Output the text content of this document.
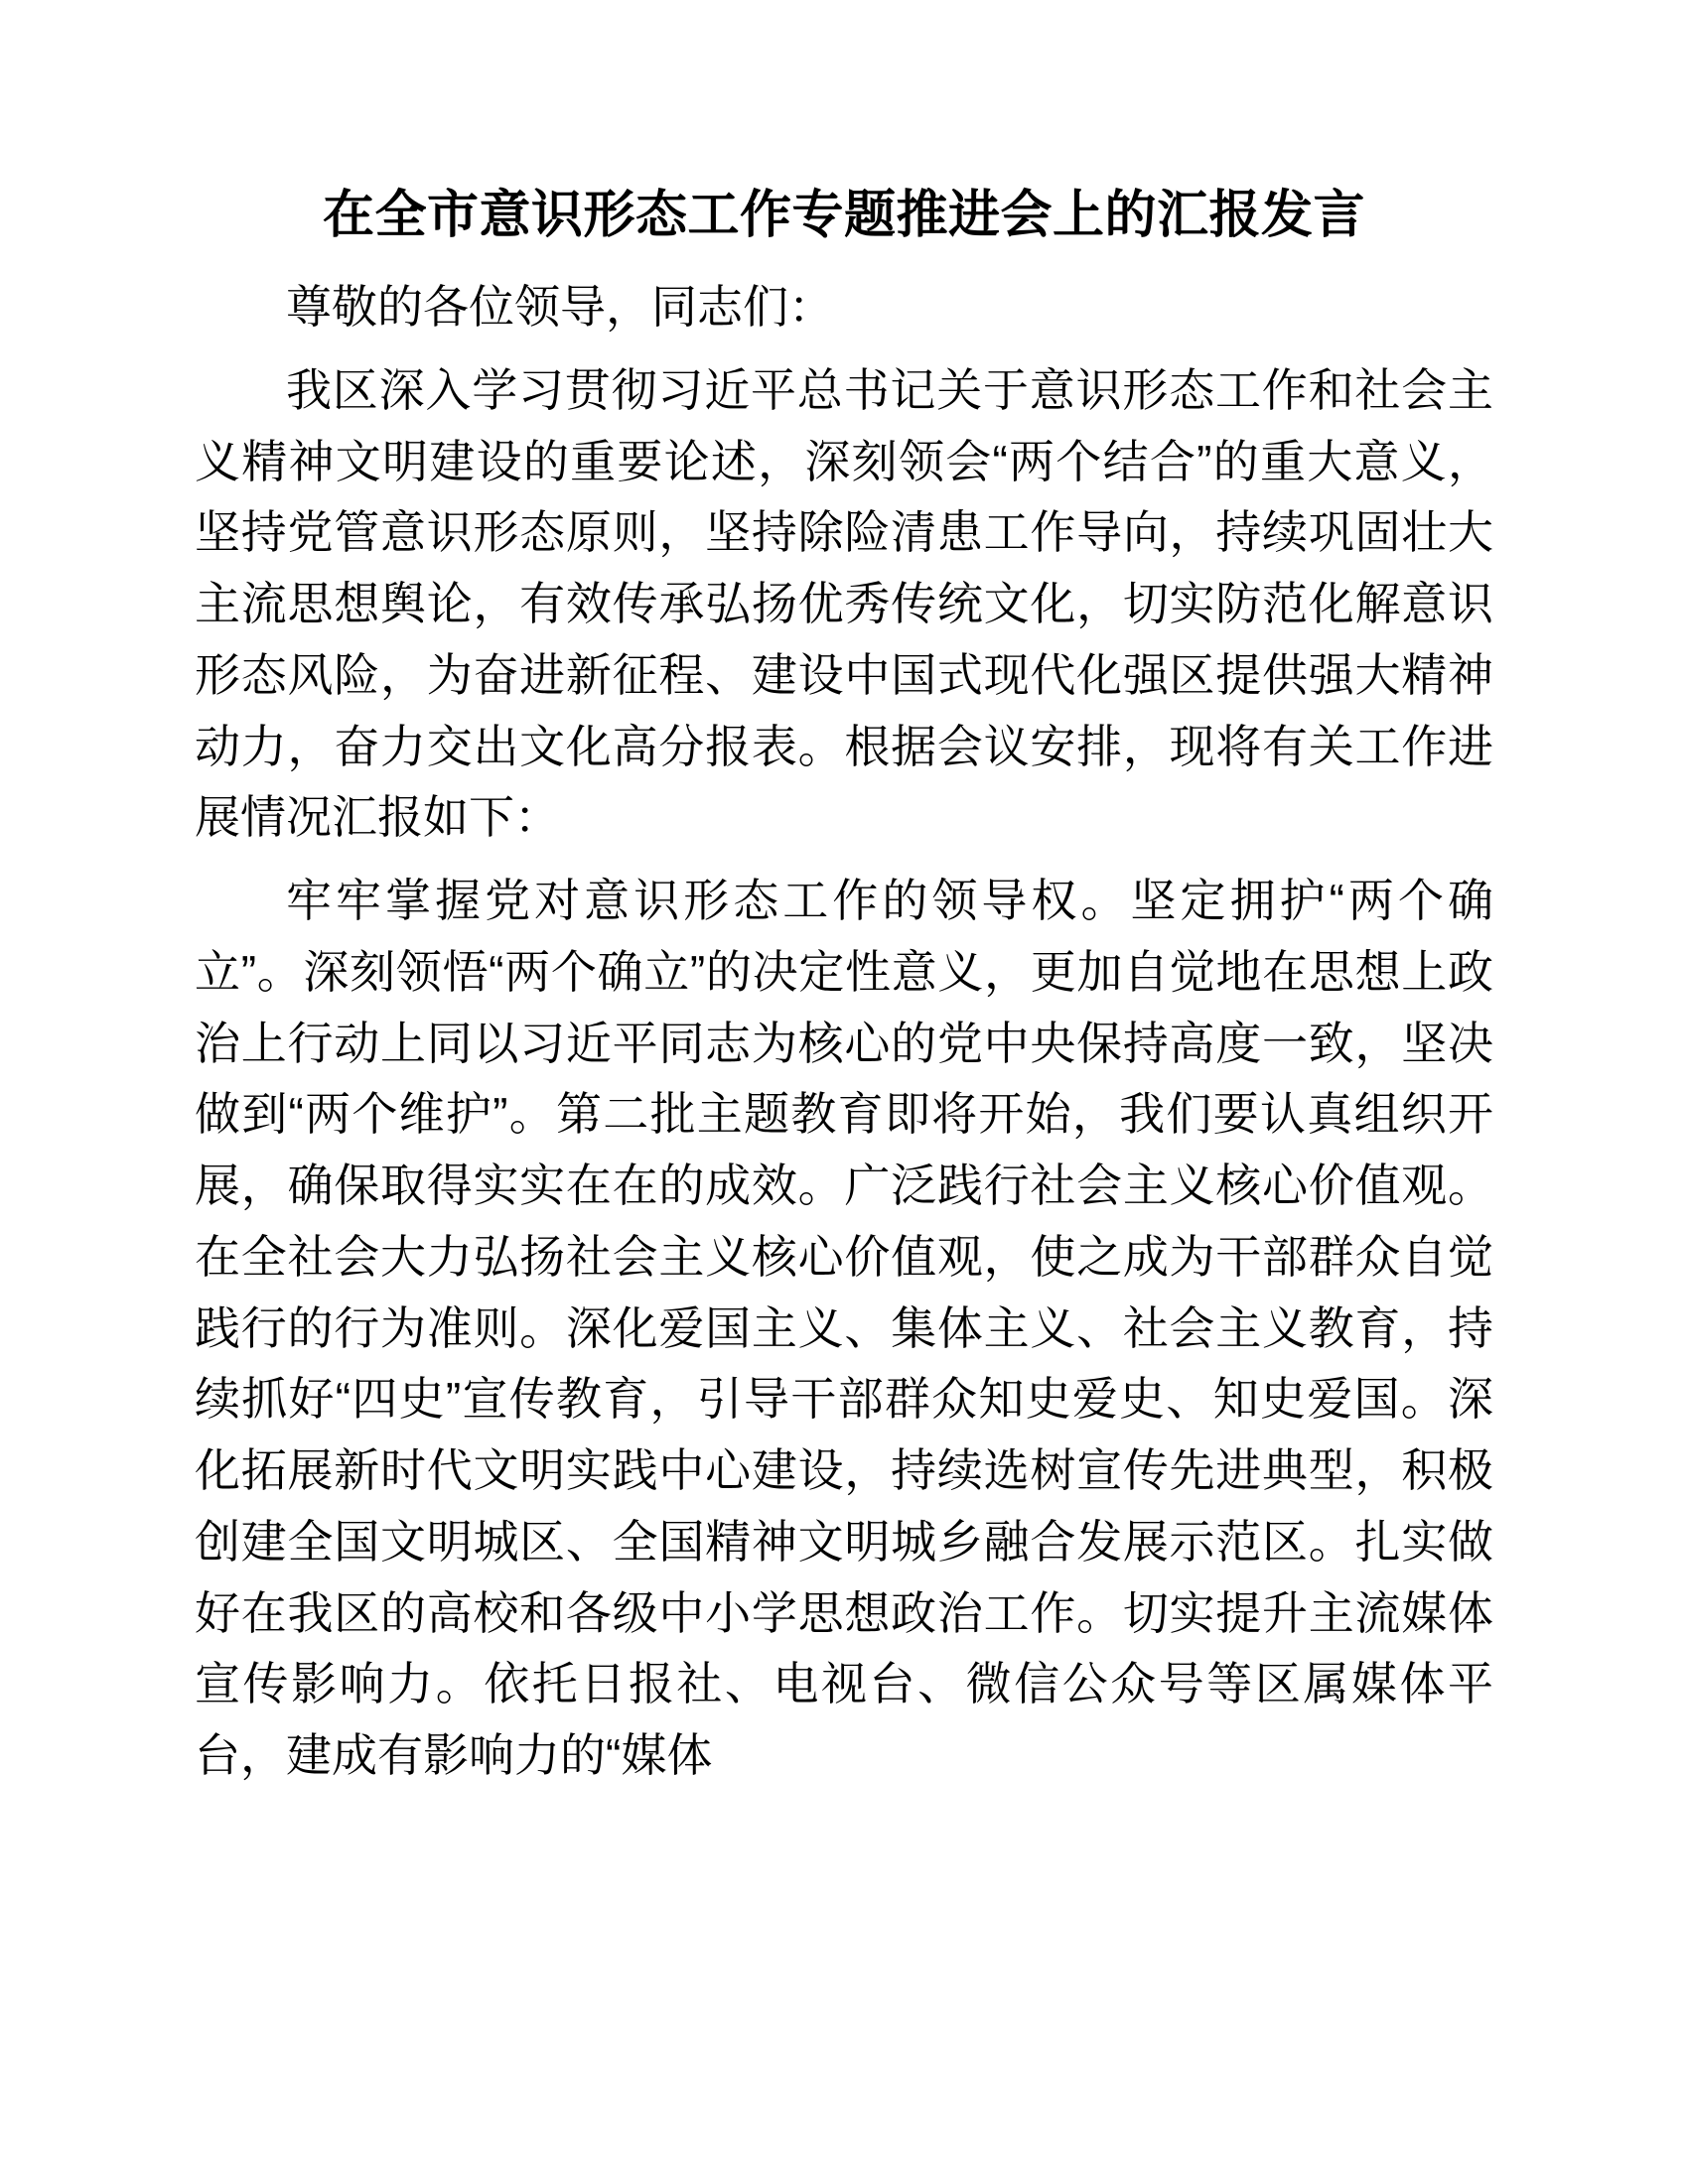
在全市意识形态工作专题推进会上的汇报发言

尊敬的各位领导，同志们：

我区深入学习贯彻习近平总书记关于意识形态工作和社会主义精神文明建设的重要论述，深刻领会“两个结合”的重大意义，坚持党管意识形态原则，坚持除险清患工作导向，持续巩固壮大主流思想舆论，有效传承弘扬优秀传统文化，切实防范化解意识形态风险，为奋进新征程、建设中国式现代化强区提供强大精神动力，奋力交出文化高分报表。根据会议安排，现将有关工作进展情况汇报如下：

牢牢掌握党对意识形态工作的领导权。坚定拥护“两个确立”。深刻领悟“两个确立”的决定性意义，更加自觉地在思想上政治上行动上同以习近平同志为核心的党中央保持高度一致，坚决做到“两个维护”。第二批主题教育即将开始，我们要认真组织开展，确保取得实实在在的成效。广泛践行社会主义核心价值观。在全社会大力弘扬社会主义核心价值观，使之成为干部群众自觉践行的行为准则。深化爱国主义、集体主义、社会主义教育，持续抓好“四史”宣传教育，引导干部群众知史爱史、知史爱国。深化拓展新时代文明实践中心建设，持续选树宣传先进典型，积极创建全国文明城区、全国精神文明城乡融合发展示范区。扎实做好在我区的高校和各级中小学思想政治工作。切实提升主流媒体宣传影响力。依托日报社、电视台、微信公众号等区属媒体平台，建成有影响力的“媒体
